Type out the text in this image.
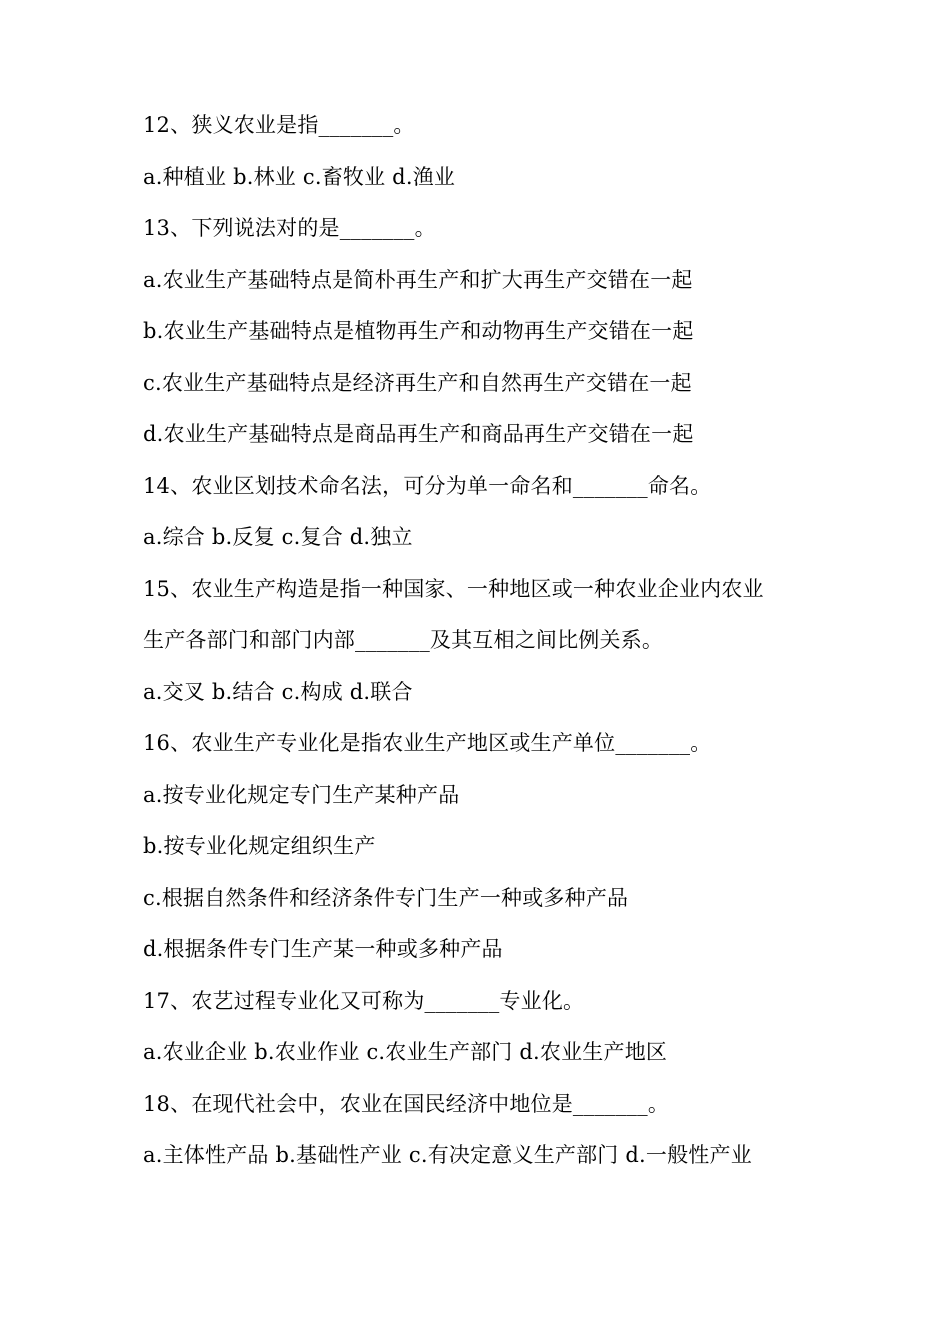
12、狭义农业是指_______。
a.种植业 b.林业 c.畜牧业 d.渔业
13、下列说法对的是_______。
a.农业生产基础特点是简朴再生产和扩大再生产交错在一起
b.农业生产基础特点是植物再生产和动物再生产交错在一起
c.农业生产基础特点是经济再生产和自然再生产交错在一起
d.农业生产基础特点是商品再生产和商品再生产交错在一起
14、农业区划技术命名法，可分为单一命名和_______命名。
a.综合 b.反复 c.复合 d.独立
15、农业生产构造是指一种国家、一种地区或一种农业企业内农业
生产各部门和部门内部_______及其互相之间比例关系。
a.交叉 b.结合 c.构成 d.联合
16、农业生产专业化是指农业生产地区或生产单位_______。
a.按专业化规定专门生产某种产品
b.按专业化规定组织生产
c.根据自然条件和经济条件专门生产一种或多种产品
d.根据条件专门生产某一种或多种产品
17、农艺过程专业化又可称为_______专业化。
a.农业企业 b.农业作业 c.农业生产部门 d.农业生产地区
18、在现代社会中，农业在国民经济中地位是_______。
a.主体性产品 b.基础性产业 c.有决定意义生产部门 d.一般性产业
